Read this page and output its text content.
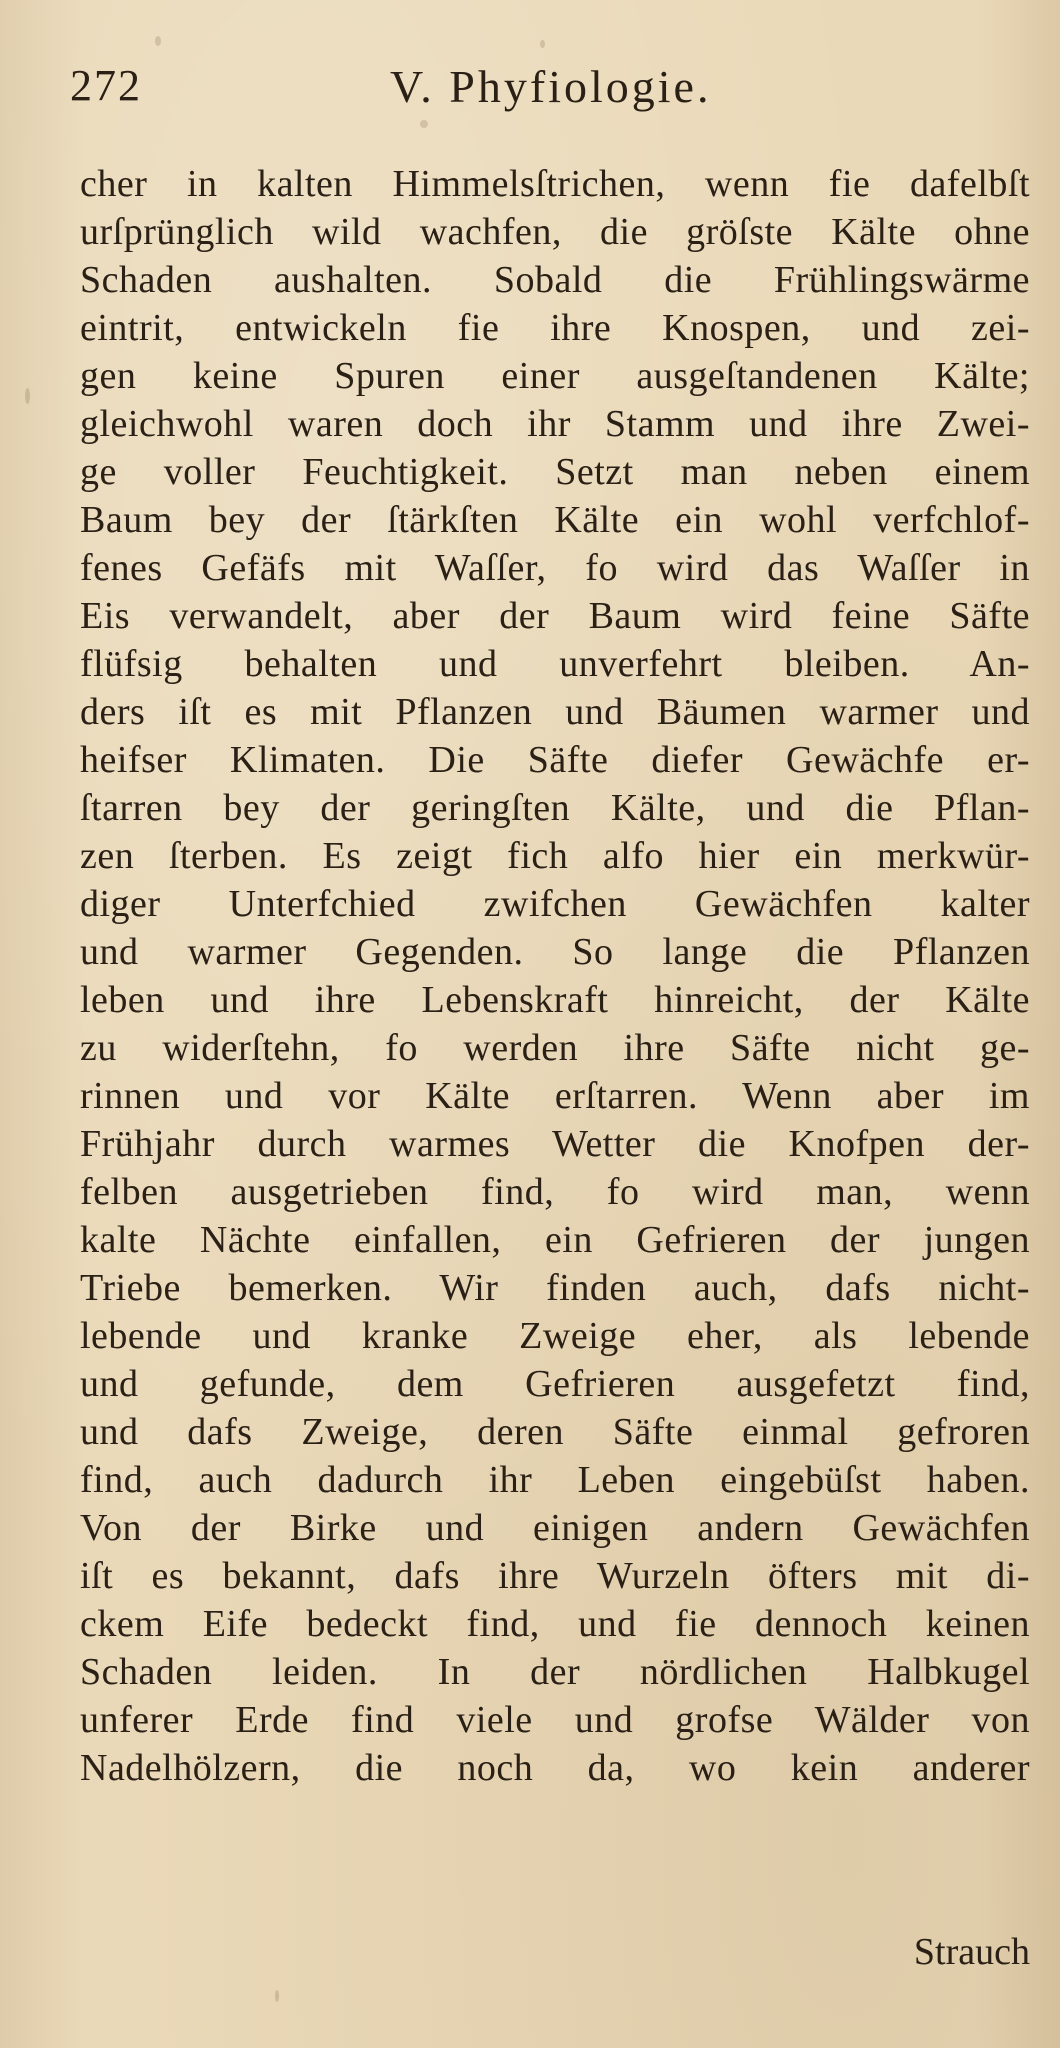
272	V. Phyfiologie.
cher in kalten Himmelsſtrichen, wenn fie dafelbſt
urſprünglich wild wachfen, die gröſste Kälte ohne
Schaden aushalten. Sobald die Frühlingswärme
eintrit, entwickeln fie ihre Knospen, und zei-
gen keine Spuren einer ausgeſtandenen Kälte;
gleichwohl waren doch ihr Stamm und ihre Zwei-
ge voller Feuchtigkeit. Setzt man neben einem
Baum bey der ſtärkſten Kälte ein wohl verfchlof-
fenes Gefäfs mit Waſſer, fo wird das Waſſer in
Eis verwandelt, aber der Baum wird feine Säfte
flüfsig behalten und unverfehrt bleiben. An-
ders iſt es mit Pflanzen und Bäumen warmer und
heifser Klimaten. Die Säfte diefer Gewächfe er-
ſtarren bey der geringſten Kälte, und die Pflan-
zen ſterben. Es zeigt fich alfo hier ein merkwür-
diger Unterfchied zwifchen Gewächfen kalter
und warmer Gegenden. So lange die Pflanzen
leben und ihre Lebenskraft hinreicht, der Kälte
zu widerſtehn, fo werden ihre Säfte nicht ge-
rinnen und vor Kälte erſtarren. Wenn aber im
Frühjahr durch warmes Wetter die Knofpen der-
felben ausgetrieben find, fo wird man, wenn
kalte Nächte einfallen, ein Gefrieren der jungen
Triebe bemerken. Wir finden auch, dafs nicht-
lebende und kranke Zweige eher, als lebende
und gefunde, dem Gefrieren ausgefetzt find,
und dafs Zweige, deren Säfte einmal gefroren
find, auch dadurch ihr Leben eingebüſst haben.
Von der Birke und einigen andern Gewächfen
iſt es bekannt, dafs ihre Wurzeln öfters mit di-
ckem Eife bedeckt find, und fie dennoch keinen
Schaden leiden. In der nördlichen Halbkugel
unferer Erde find viele und grofse Wälder von
Nadelhölzern, die noch da, wo kein anderer
Strauch
